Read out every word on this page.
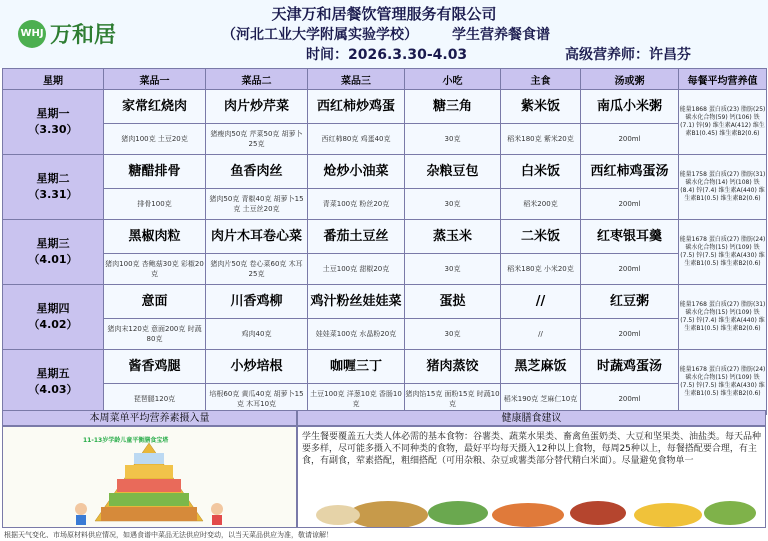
WHJ 万和居
天津万和居餐饮管理服务有限公司
（河北工业大学附属实验学校） 学生营养餐食谱
时间：2026.3.30-4.03	高级营养师：许昌芬
星期	菜品一	菜品二	菜品三	小吃	主食	汤或粥	每餐平均营养值

星期一
（3.30）	家常红烧肉	肉片炒芹菜	西红柿炒鸡蛋	糖三角	紫米饭	南瓜小米粥	能量1868 蛋白质(23) 脂肪(25) 碳水化合物(59) 钙(106) 铁(7.1) 锌(9) 维生素A(412) 维生素B1(0.45) 维生素B2(0.6)
	猪肉100克 土豆20克	猪瘦肉50克 芹菜50克 胡萝卜25克	西红柿80克 鸡蛋40克	30克	稻米180克 紫米20克	200ml	

星期二
（3.31）	糖醋排骨	鱼香肉丝	炝炒小油菜	杂粮豆包	白米饭	西红柿鸡蛋汤	能量1758 蛋白质(27) 脂肪(31) 碳水化合物(14) 钙(108) 铁(8.4) 锌(7.4) 维生素A(440) 维生素B1(0.5) 维生素B2(0.6)
	排骨100克	猪肉50克 青椒40克 胡萝卜15克 土豆丝20克	青菜100克 粉丝20克	30克	稻米200克	200ml	

星期三
（4.01）	黑椒肉粒	肉片木耳卷心菜	番茄土豆丝	蒸玉米	二米饭	红枣银耳羹	能量1678 蛋白质(27) 脂肪(24) 碳水化合物(15) 钙(109) 铁(7.5) 锌(7.5) 维生素A(430) 维生素B1(0.5) 维生素B2(0.6)
	猪肉100克 杏鲍菇30克 彩椒20克	猪肉片50克 卷心菜60克 木耳25克	土豆100克 甜椒20克	30克	稻米180克 小米20克	200ml	

星期四
（4.02）	意面	川香鸡柳	鸡汁粉丝娃娃菜	蛋挞	//	红豆粥	能量1768 蛋白质(27) 脂肪(31) 碳水化合物(15) 钙(109) 铁(7.5) 锌(7.4) 维生素A(440) 维生素B1(0.5) 维生素B2(0.6)
	猪肉末120克 意面200克 时蔬80克	鸡肉40克	娃娃菜100克 水晶粉20克	30克	//	200ml	

星期五
（4.03）	酱香鸡腿	小炒培根	咖喱三丁	猪肉蒸饺	黑芝麻饭	时蔬鸡蛋汤	能量1678 蛋白质(27) 脂肪(24) 碳水化合物(15) 钙(109) 铁(7.5) 锌(7.5) 维生素A(430) 维生素B1(0.5) 维生素B2(0.6)
	琵琶腿120克	培根60克 黄瓜40克 胡萝卜15克 木耳10克	土豆100克 洋葱10克 香肠10克	猪肉馅15克 面粉15克 时蔬10克	稻米190克 芝麻仁10克	200ml	
本周菜单平均营养素摄入量	健康膳食建议
11-13岁学龄儿童平衡膳食宝塔	学生餐要覆盖五大类人体必需的基本食物：谷薯类、蔬菜水果类、畜禽鱼蛋奶类、大豆和坚果类、油盐类。每天品种要多样，尽可能多摄入不同种类的食物，最好平均每天摄入12种以上食物，每周25种以上，每餐搭配要合理，有主食，有副食，荤素搭配，粗细搭配（可用杂粮、杂豆或薯类部分替代精白米面）。尽量避免食物单一
根据天气变化、市场原材料供应情况，如遇食谱中菜品无法供应时变动，以当天菜品供应为准，敬请谅解！
